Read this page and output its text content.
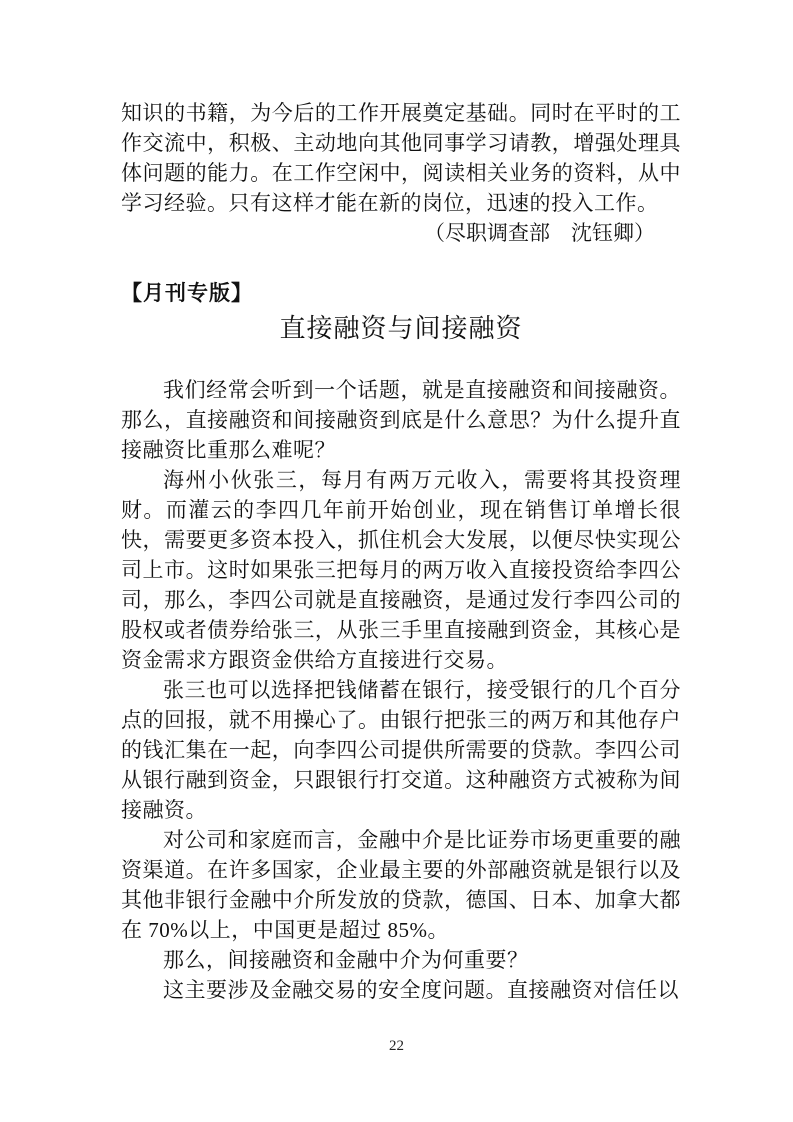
知识的书籍，为今后的工作开展奠定基础。同时在平时的工作交流中，积极、主动地向其他同事学习请教，增强处理具体问题的能力。在工作空闲中，阅读相关业务的资料，从中学习经验。只有这样才能在新的岗位，迅速的投入工作。

（尽职调查部　沈钰卿）

【月刊专版】
直接融资与间接融资

我们经常会听到一个话题，就是直接融资和间接融资。那么，直接融资和间接融资到底是什么意思？为什么提升直接融资比重那么难呢？

海州小伙张三，每月有两万元收入，需要将其投资理财。而灌云的李四几年前开始创业，现在销售订单增长很快，需要更多资本投入，抓住机会大发展，以便尽快实现公司上市。这时如果张三把每月的两万收入直接投资给李四公司，那么，李四公司就是直接融资，是通过发行李四公司的股权或者债券给张三，从张三手里直接融到资金，其核心是资金需求方跟资金供给方直接进行交易。

张三也可以选择把钱储蓄在银行，接受银行的几个百分点的回报，就不用操心了。由银行把张三的两万和其他存户的钱汇集在一起，向李四公司提供所需要的贷款。李四公司从银行融到资金，只跟银行打交道。这种融资方式被称为间接融资。

对公司和家庭而言，金融中介是比证券市场更重要的融资渠道。在许多国家，企业最主要的外部融资就是银行以及其他非银行金融中介所发放的贷款，德国、日本、加拿大都在 70%以上，中国更是超过 85%。

那么，间接融资和金融中介为何重要？

这主要涉及金融交易的安全度问题。直接融资对信任以

22
